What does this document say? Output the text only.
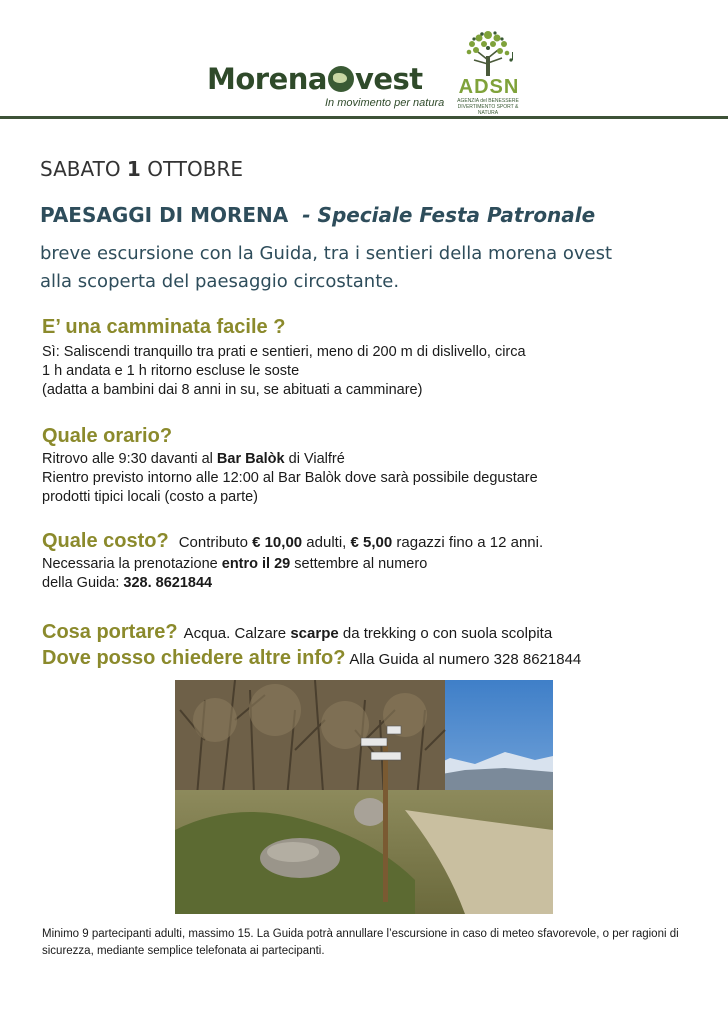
Morena vest
In movimento per natura
ADSN
AGENZIA del BENESSERE
DIVERTIMENTO SPORT & NATURA
SABATO 1 OTTOBRE
PAESAGGI DI MORENA - Speciale Festa Patronale
breve escursione con la Guida, tra i sentieri della morena ovest
alla scoperta del paesaggio circostante.
E’ una camminata facile ?
Sì: Saliscendi tranquillo tra prati e sentieri, meno di 200 m di dislivello, circa
1 h andata e 1 h ritorno escluse le soste
(adatta a bambini dai 8 anni in su, se abituati a camminare)
Quale orario?
Ritrovo alle 9:30 davanti al Bar Balòk di Vialfré
Rientro previsto intorno alle 12:00 al Bar Balòk dove sarà possibile degustare
prodotti tipici locali (costo a parte)
Quale costo? Contributo € 10,00 adulti, € 5,00 ragazzi fino a 12 anni.
Necessaria la prenotazione entro il 29 settembre al numero
della Guida: 328. 8621844
Cosa portare? Acqua. Calzare scarpe da trekking o con suola scolpita
Dove posso chiedere altre info? Alla Guida al numero 328 8621844
Minimo 9 partecipanti adulti, massimo 15. La Guida potrà annullare l’escursione in caso di meteo sfavorevole, o per ragioni di sicurezza, mediante semplice telefonata ai partecipanti.
